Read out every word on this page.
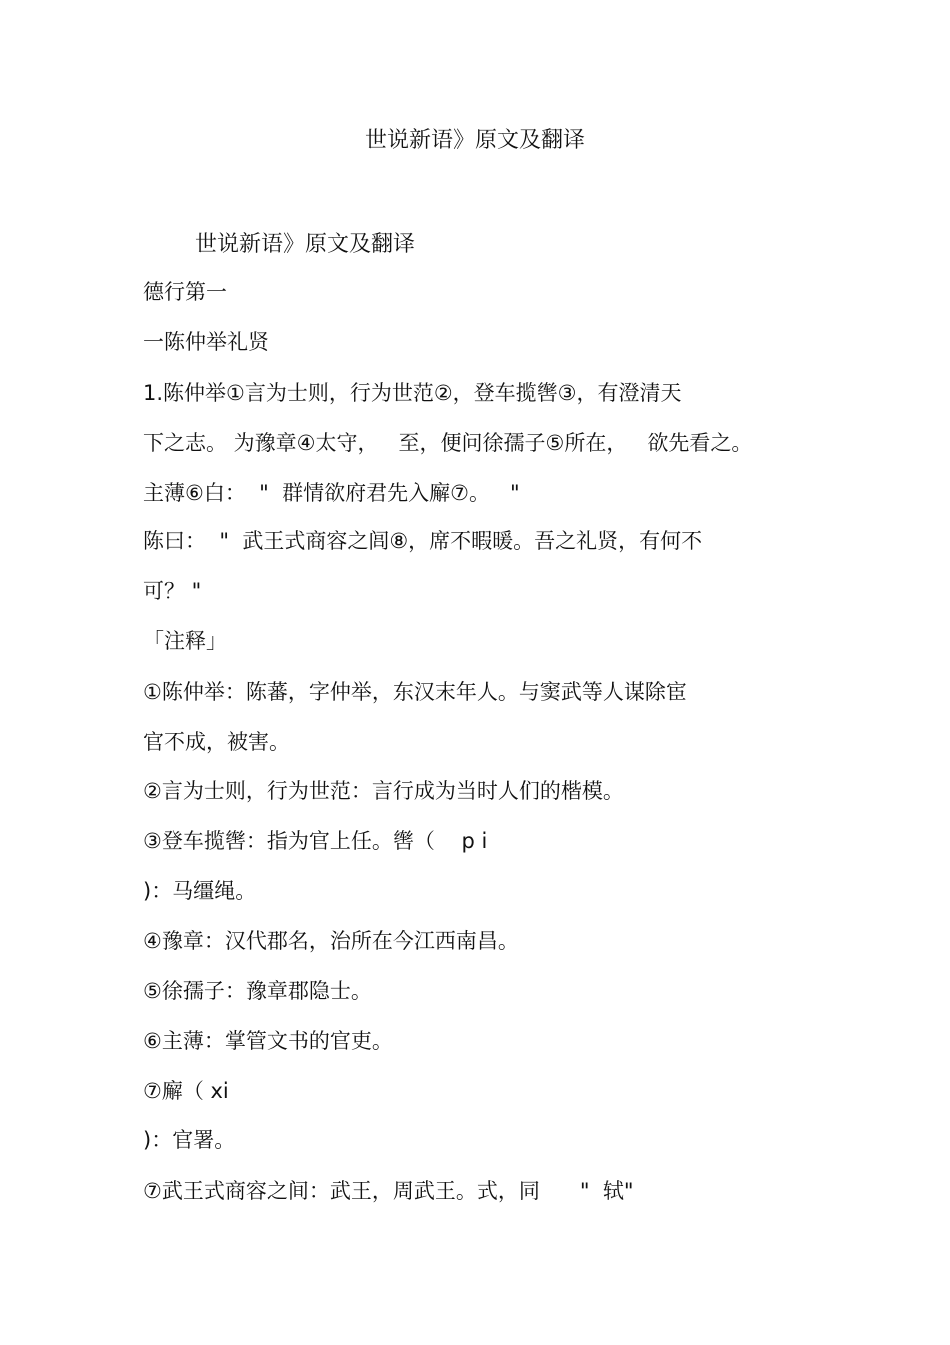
世说新语》原文及翻译
世说新语》原文及翻译
德行第一
一陈仲举礼贤
1.陈仲举①言为士则，行为世范②，登车揽辔③，有澄清天
下之志。 为豫章④太守，   至，便问徐孺子⑤所在，   欲先看之。
主薄⑥白：  "  群情欲府君先入廨⑦。   "
陈曰：  "  武王式商容之闾⑧，席不暇暖。吾之礼贤，有何不
可？ "
「注释」
①陈仲举：陈蕃，字仲举，东汉末年人。与窦武等人谋除宦
官不成，被害。
②言为士则，行为世范：言行成为当时人们的楷模。
③登车揽辔：指为官上任。辔（    p i
)：马缰绳。
④豫章：汉代郡名，治所在今江西南昌。
⑤徐孺子：豫章郡隐士。
⑥主薄：掌管文书的官吏。
⑦廨（ xi
)：官署。
⑦武王式商容之间：武王，周武王。式，同      "  轼"
